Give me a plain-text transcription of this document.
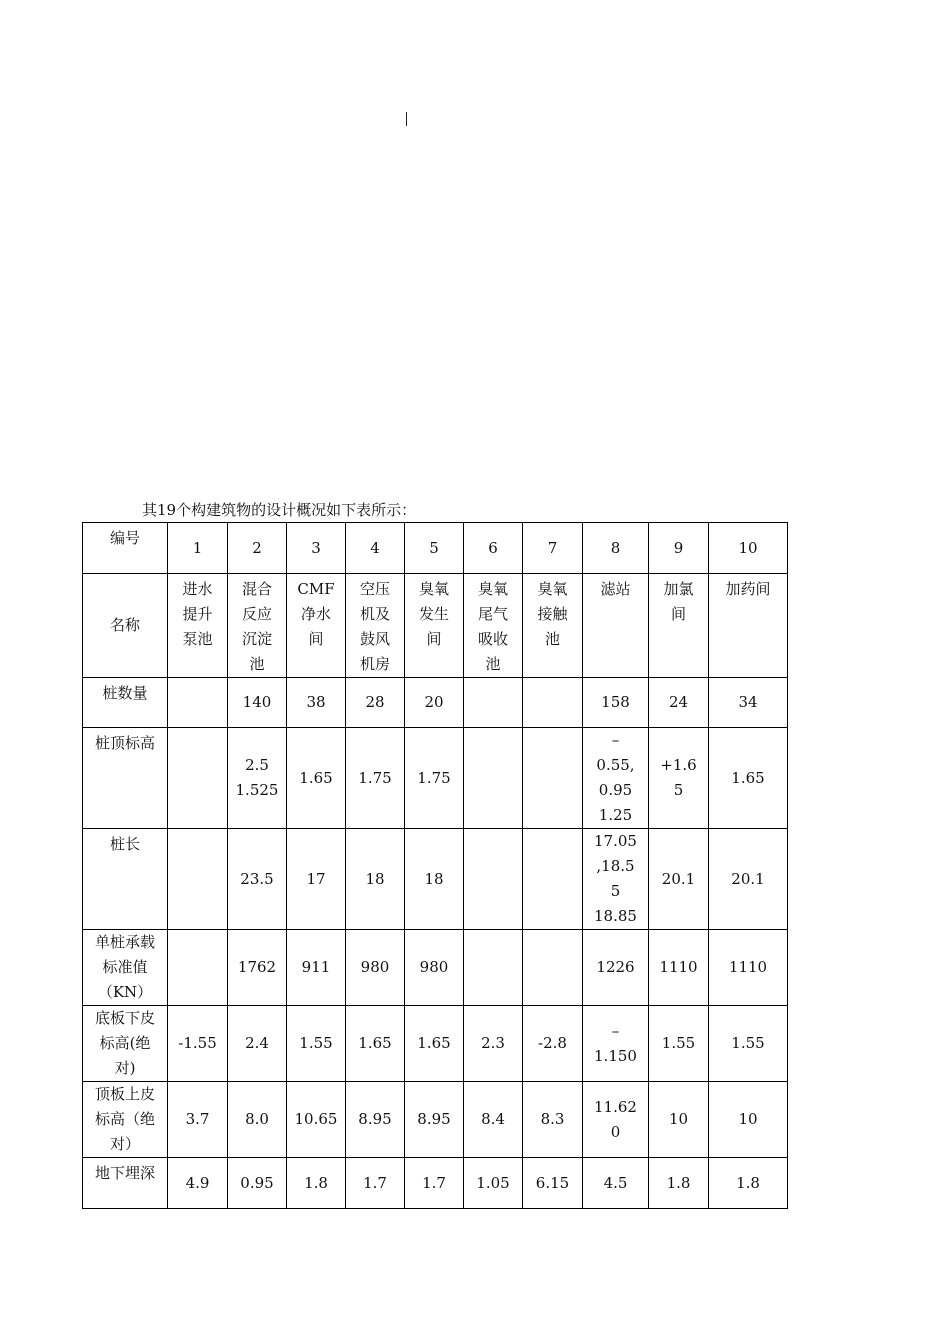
其19个构建筑物的设计概况如下表所示：
编号	1	2	3	4	5	6	7	8	9	10

名称	进水
提升
泵池	混合
反应
沉淀
池	CMF
净水
间	空压
机及
鼓风
机房	臭氧
发生
间	臭氧
尾气
吸收
池	臭氧
接触
池	滤站	加氯
间	加药间

桩数量		140	38	28	20			158	24	34

桩顶标高		2.5
1.525	1.65	1.75	1.75			–
0.55,
0.95
1.25	+1.6
5	1.65

桩长		23.5	17	18	18			17.05
,18.5
5
18.85	20.1	20.1

单桩承载
标准值
（KN）		1762	911	980	980			1226	1110	1110

底板下皮
标高(绝
对)	-1.55	2.4	1.55	1.65	1.65	2.3	-2.8	–
1.150	1.55	1.55

顶板上皮
标高（绝
对）	3.7	8.0	10.65	8.95	8.95	8.4	8.3	11.62
0	10	10

地下埋深	4.9	0.95	1.8	1.7	1.7	1.05	6.15	4.5	1.8	1.8
